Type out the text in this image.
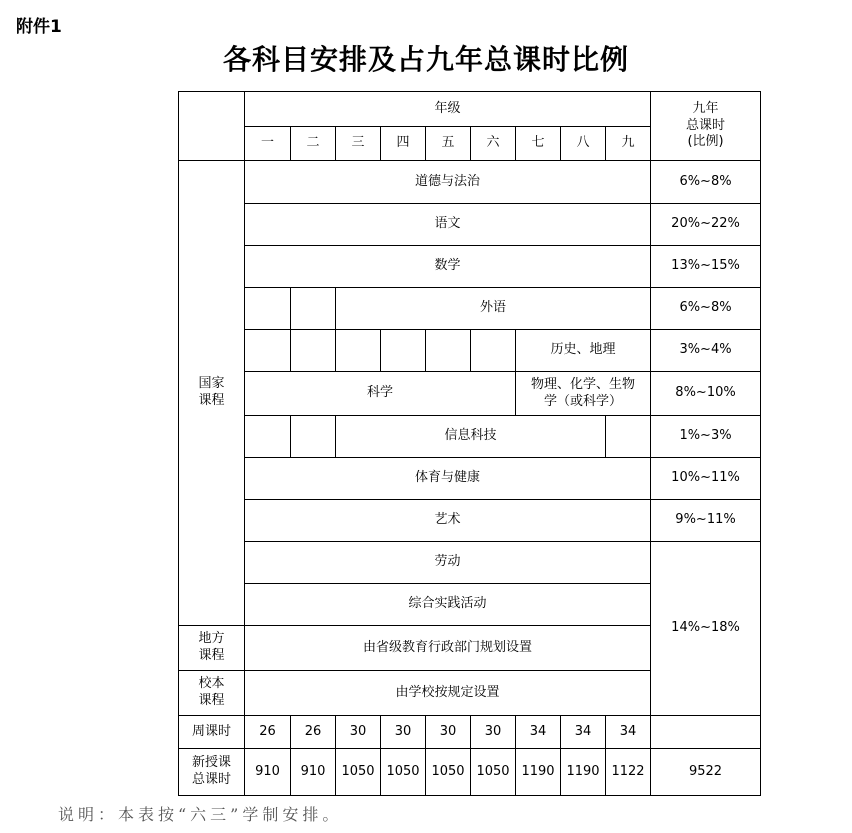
附件1
各科目安排及占九年总课时比例
	年级									九年
总课时
(比例)

	一	二	三	四	五	六	七	八	九	

国家
课程	道德与法治									6%~8%
	语文									20%~22%
	数学									13%~15%
			外语							6%~8%
							历史、地理			3%~4%
	科学						物理、化学、生物
学（或科学）			8%~10%
			信息科技							1%~3%
	体育与健康									10%~11%
	艺术									9%~11%
	劳动									14%~18%
	综合实践活动									

地方
课程	由省级教育行政部门规划设置									

校本
课程	由学校按规定设置									
周课时	26	26	30	30	30	30	34	34	34	

新授课
总课时	910	910	1050	1050	1050	1050	1190	1190	1122	9522
说明：本表按“六三”学制安排。
